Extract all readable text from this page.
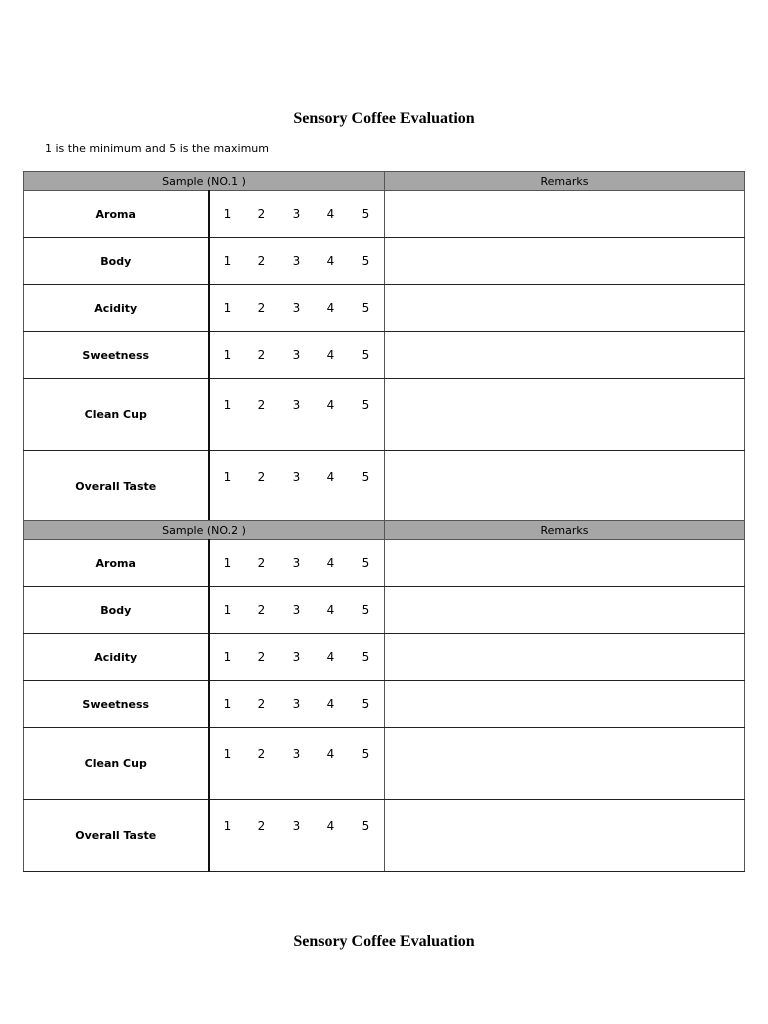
Sensory Coffee Evaluation
1 is the minimum and 5 is the maximum
Sample (NO.1 )		Remarks
Aroma	1 2 3 4 5	

Body	1 2 3 4 5	

Acidity	1 2 3 4 5	

Sweetness	1 2 3 4 5	

Clean Cup	1 2 3 4 5	

Overall Taste	1 2 3 4 5	

Sample (NO.2 )		Remarks
Aroma	1 2 3 4 5	

Body	1 2 3 4 5	

Acidity	1 2 3 4 5	

Sweetness	1 2 3 4 5	

Clean Cup	1 2 3 4 5	

Overall Taste	1 2 3 4 5	

Sensory Coffee Evaluation
